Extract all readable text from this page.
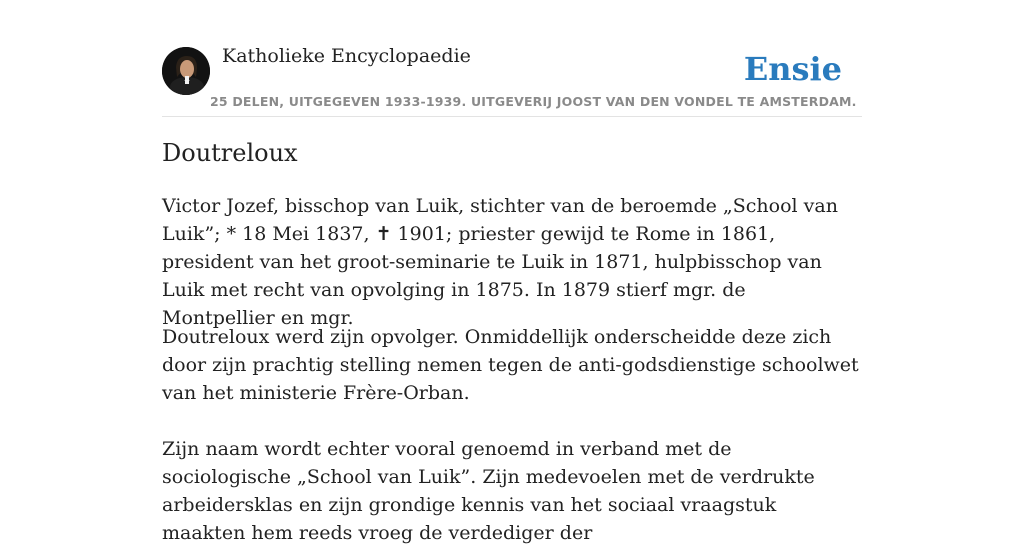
Katholieke Encyclopaedie
25 DELEN, UITGEGEVEN 1933-1939. UITGEVERIJ JOOST VAN DEN VONDEL TE AMSTERDAM.
Ensie
Doutreloux

Victor Jozef, bisschop van Luik, stichter van de beroemde „School van Luik”; * 18 Mei 1837, ✝ 1901; priester gewijd te Rome in 1861, president van het groot-seminarie te Luik in 1871, hulpbisschop van Luik met recht van opvolging in 1875. In 1879 stierf mgr. de Montpellier en mgr.

Doutreloux werd zijn opvolger. Onmiddellijk onderscheidde deze zich door zijn prachtig stelling nemen tegen de anti-godsdienstige schoolwet van het ministerie Frère-Orban.

Zijn naam wordt echter vooral genoemd in verband met de sociologische „School van Luik”. Zijn medevoelen met de verdrukte arbeidersklas en zijn grondige kennis van het sociaal vraagstuk maakten hem reeds vroeg de verdediger der
